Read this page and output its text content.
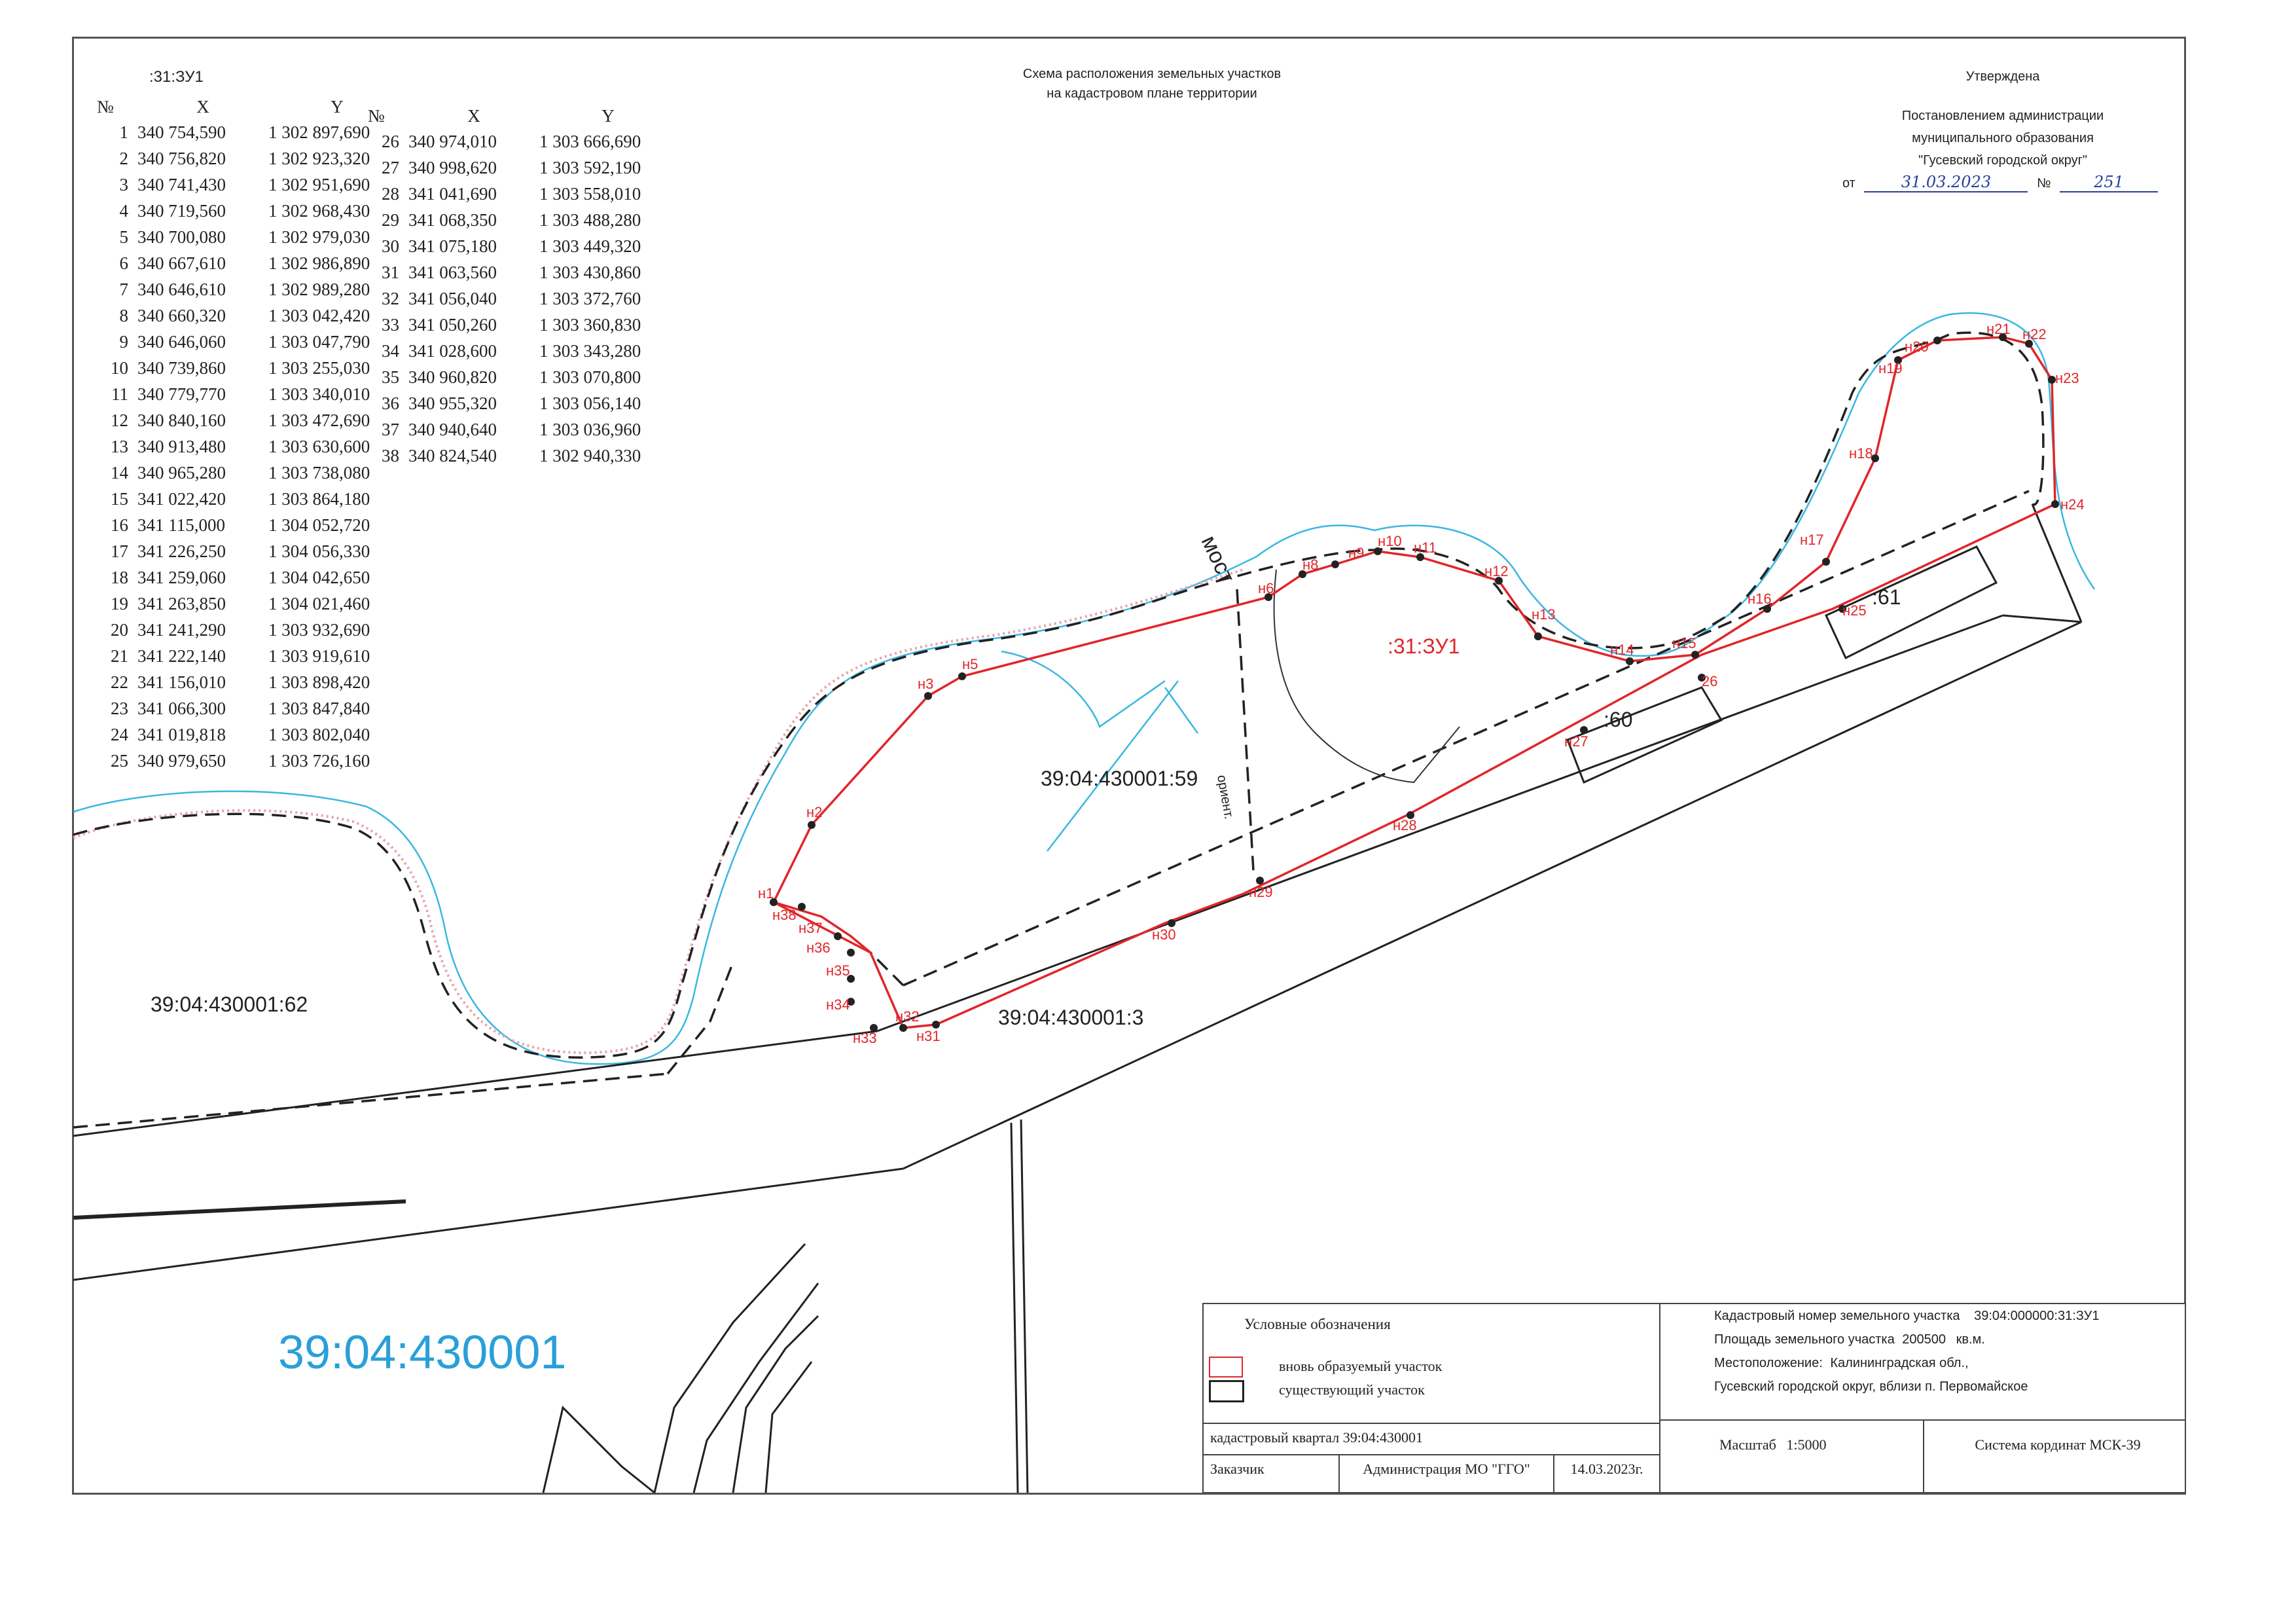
н1
н2
н3
н5
н6
н8
н9
н10 н11
н12
н13
н14	н15
н16
н17
н18
н19
н20
н21 н22
н23
н24
н25
26
н27
н28
н29
н30
н31
н32
н33
н34
н35
н36
н37
н38
:31:ЗУ1
39:04:430001:59
39:04:430001:62
39:04:430001:3
:60
:61
39:04:430001
мост
ориент.
Схема расположения земельных участков
на кадастровом плане территории
Утверждена
Постановлением администрации
муниципального образования
"Гусевский городской округ"
от	31.03.2023	№	251
:31:ЗУ1
№	X	Y
1	340 754,590	1 302 897,690
2	340 756,820	1 302 923,320
3	340 741,430	1 302 951,690
4	340 719,560	1 302 968,430
5	340 700,080	1 302 979,030
6	340 667,610	1 302 986,890
7	340 646,610	1 302 989,280
8	340 660,320	1 303 042,420
9	340 646,060	1 303 047,790
10	340 739,860	1 303 255,030
11	340 779,770	1 303 340,010
12	340 840,160	1 303 472,690
13	340 913,480	1 303 630,600
14	340 965,280	1 303 738,080
15	341 022,420	1 303 864,180
16	341 115,000	1 304 052,720
17	341 226,250	1 304 056,330
18	341 259,060	1 304 042,650
19	341 263,850	1 304 021,460
20	341 241,290	1 303 932,690
21	341 222,140	1 303 919,610
22	341 156,010	1 303 898,420
23	341 066,300	1 303 847,840
24	341 019,818	1 303 802,040
25	340 979,650	1 303 726,160
№	X	Y
26	340 974,010	1 303 666,690
27	340 998,620	1 303 592,190
28	341 041,690	1 303 558,010
29	341 068,350	1 303 488,280
30	341 075,180	1 303 449,320
31	341 063,560	1 303 430,860
32	341 056,040	1 303 372,760
33	341 050,260	1 303 360,830
34	341 028,600	1 303 343,280
35	340 960,820	1 303 070,800
36	340 955,320	1 303 056,140
37	340 940,640	1 303 036,960
38	340 824,540	1 302 940,330
Условные обозначения
вновь образуемый участок
существующий участок
кадастровый квартал 39:04:430001
Заказчик	Администрация МО "ГГО"	14.03.2023г.
Кадастровый номер земельного участка 39:04:000000:31:ЗУ1
Площадь земельного участка 200500 кв.м.
Местоположение: Калининградская обл.,
Гусевский городской округ, вблизи п. Первомайское
Масштаб 1:5000	Система кординат МСК-39
